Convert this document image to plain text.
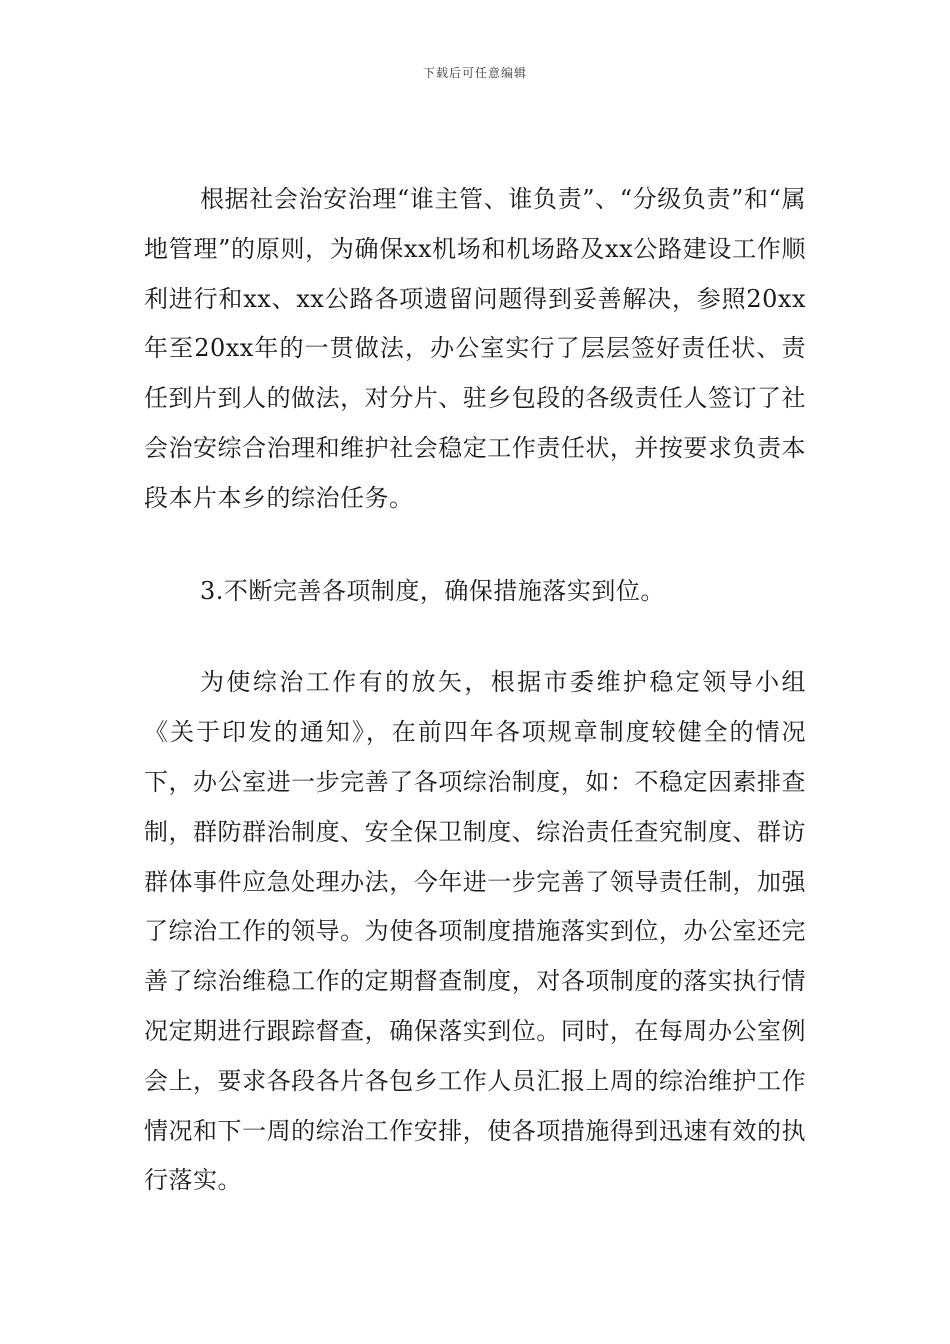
下载后可任意编辑

根据社会治安治理“谁主管、谁负责”、“分级负责”和“属地管理”的原则，为确保xx机场和机场路及xx公路建设工作顺利进行和xx、xx公路各项遗留问题得到妥善解决，参照20xx年至20xx年的一贯做法，办公室实行了层层签好责任状、责任到片到人的做法，对分片、驻乡包段的各级责任人签订了社会治安综合治理和维护社会稳定工作责任状，并按要求负责本段本片本乡的综治任务。

3.不断完善各项制度，确保措施落实到位。

为使综治工作有的放矢，根据市委维护稳定领导小组《关于印发的通知》，在前四年各项规章制度较健全的情况下，办公室进一步完善了各项综治制度，如：不稳定因素排查制，群防群治制度、安全保卫制度、综治责任查究制度、群访群体事件应急处理办法，今年进一步完善了领导责任制，加强了综治工作的领导。为使各项制度措施落实到位，办公室还完善了综治维稳工作的定期督查制度，对各项制度的落实执行情况定期进行跟踪督查，确保落实到位。同时，在每周办公室例会上，要求各段各片各包乡工作人员汇报上周的综治维护工作情况和下一周的综治工作安排，使各项措施得到迅速有效的执行落实。
